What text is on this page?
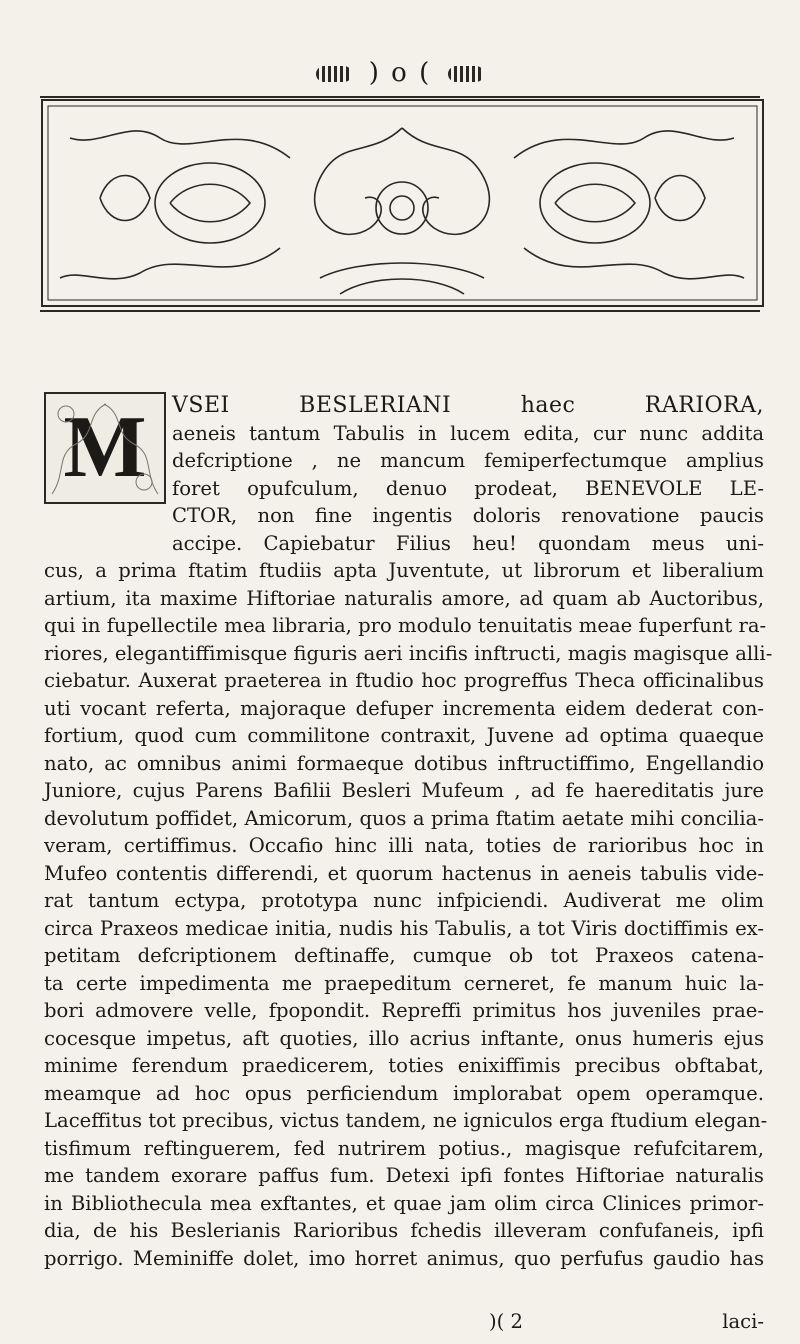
) o (
M	VSEI BESLERIANI haec RARIORA,
aeneis tantum Tabulis in lucem edita, cur nunc addita
defcriptione , ne mancum femiperfectumque amplius
foret opufculum, denuo prodeat, BENEVOLE LE-
CTOR, non fine ingentis doloris renovatione paucis
accipe. Capiebatur Filius heu! quondam meus uni-
cus, a prima ftatim ftudiis apta Juventute, ut librorum et liberalium
artium, ita maxime Hiftoriae naturalis amore, ad quam ab Auctoribus,
qui in fupellectile mea libraria, pro modulo tenuitatis meae fuperfunt ra-
riores, elegantiffimisque figuris aeri incifis inftructi, magis magisque alli-
ciebatur. Auxerat praeterea in ftudio hoc progreffus Theca officinalibus
uti vocant referta, majoraque defuper incrementa eidem dederat con-
fortium, quod cum commilitone contraxit, Juvene ad optima quaeque
nato, ac omnibus animi formaeque dotibus inftructiffimo, Engellandio
Juniore, cujus Parens Bafilii Besleri Mufeum , ad fe haereditatis jure
devolutum poffidet, Amicorum, quos a prima ftatim aetate mihi concilia-
veram, certiffimus. Occafio hinc illi nata, toties de rarioribus hoc in
Mufeo contentis differendi, et quorum hactenus in aeneis tabulis vide-
rat tantum ectypa, prototypa nunc infpiciendi. Audiverat me olim
circa Praxeos medicae initia, nudis his Tabulis, a tot Viris doctiffimis ex-
petitam defcriptionem deftinaffe, cumque ob tot Praxeos catena-
ta certe impedimenta me praepeditum cerneret, fe manum huic la-
bori admovere velle, fpopondit. Repreffi primitus hos juveniles prae-
cocesque impetus, aft quoties, illo acrius inftante, onus humeris ejus
minime ferendum praedicerem, toties enixiffimis precibus obftabat,
meamque ad hoc opus perficiendum implorabat opem operamque.
Laceffitus tot precibus, victus tandem, ne igniculos erga ftudium elegan-
tisfimum reftinguerem, fed nutrirem potius., magisque refufcitarem,
me tandem exorare paffus fum. Detexi ipfi fontes Hiftoriae naturalis
in Bibliothecula mea exftantes, et quae jam olim circa Clinices primor-
dia, de his Beslerianis Rarioribus fchedis illeveram confufaneis, ipfi
porrigo. Meminiffe dolet, imo horret animus, quo perfufus gaudio has
)( 2	laci-
